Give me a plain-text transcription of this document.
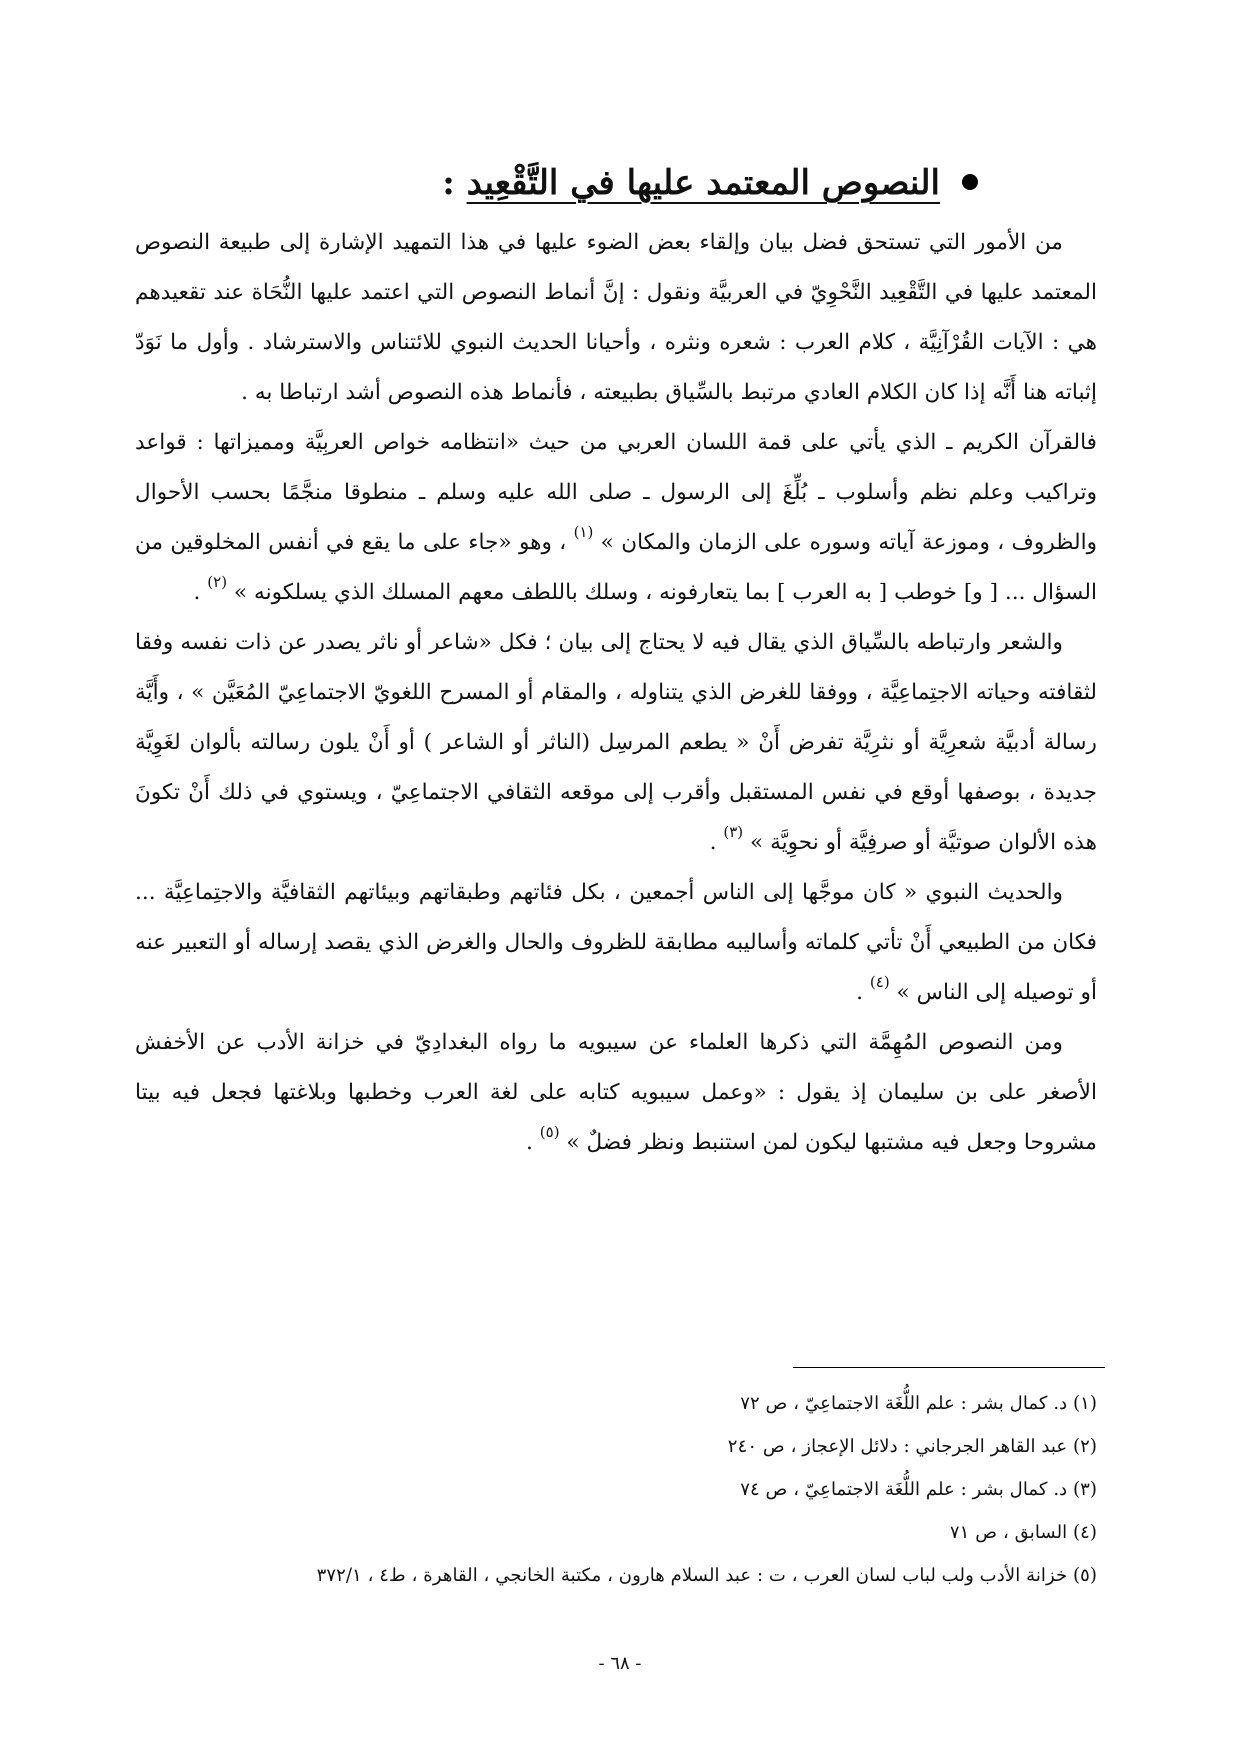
النصوص المعتمد عليها في التَّقْعِيد :

من الأمور التي تستحق فضل بيان وإلقاء بعض الضوء عليها في هذا التمهيد الإشارة إلى طبيعة النصوص المعتمد عليها في التَّقْعِيد النَّحْوِيّ في العربيَّة ونقول : إنَّ أنماط النصوص التي اعتمد عليها النُّحَاة عند تقعيدهم هي : الآيات القُرْآنِيَّة ، كلام العرب : شعره ونثره ، وأحيانا الحديث النبوي للائتناس والاسترشاد . وأول ما نَوَدّ إثباته هنا أَنَّه إذا كان الكلام العادي مرتبط بالسِّياق بطبيعته ، فأنماط هذه النصوص أشد ارتباطا به .

فالقرآن الكريم ـ الذي يأتي على قمة اللسان العربي من حيث «انتظامه خواص العربِيَّة ومميزاتها : قواعد وتراكيب وعلم نظم وأسلوب ـ بُلِّغَ إلى الرسول ـ صلى الله عليه وسلم ـ منطوقا منجَّمًا بحسب الأحوال والظروف ، وموزعة آياته وسوره على الزمان والمكان » $^{(١)}$ ، وهو «جاء على ما يقع في أنفس المخلوقين من السؤال ... [ و] خوطب [ به العرب ] بما يتعارفونه ، وسلك باللطف معهم المسلك الذي يسلكونه » $^{(٢)}$ .

والشعر وارتباطه بالسِّياق الذي يقال فيه لا يحتاج إلى بيان ؛ فكل «شاعر أو ناثر يصدر عن ذات نفسه وفقا لثقافته وحياته الاجتِماعِيَّة ، ووفقا للغرض الذي يتناوله ، والمقام أو المسرح اللغويّ الاجتماعِيّ المُعَيَّن » ، وأَيَّة رسالة أدبيَّة شعرِيَّة أو نثرِيَّة تفرض أَنْ « يطعم المرسِل (الناثر أو الشاعر ) أو أَنْ يلون رسالته بألوان لغَوِيَّة جديدة ، بوصفها أوقع في نفس المستقبل وأقرب إلى موقعه الثقافي الاجتماعِيّ ، ويستوي في ذلك أَنْ تكونَ هذه الألوان صوتيَّة أو صرفِيَّة أو نحوِيَّة » $^{(٣)}$ .

والحديث النبوي « كان موجَّها إلى الناس أجمعين ، بكل فئاتهم وطبقاتهم وبيئاتهم الثقافيَّة والاجتِماعِيَّة ... فكان من الطبيعي أَنْ تأتي كلماته وأساليبه مطابقة للظروف والحال والغرض الذي يقصد إرساله أو التعبير عنه أو توصيله إلى الناس » $^{(٤)}$ .

ومن النصوص المُهِمَّة التي ذكرها العلماء عن سيبويه ما رواه البغدادِيّ في خزانة الأدب عن الأخفش الأصغر على بن سليمان إذ يقول : «وعمل سيبويه كتابه على لغة العرب وخطبها وبلاغتها فجعل فيه بيتا مشروحا وجعل فيه مشتبها ليكون لمن استنبط ونظر فضلٌ » $^{(٥)}$ .

(١) د. كمال بشر : علم اللُّغَة الاجتماعِيّ ، ص ٧٢
(٢) عبد القاهر الجرجاني : دلائل الإعجاز ، ص ٢٤٠
(٣) د. كمال بشر : علم اللُّغَة الاجتماعِيّ ، ص ٧٤
(٤) السابق ، ص ٧١
(٥) خزانة الأدب ولب لباب لسان العرب ، ت : عبد السلام هارون ، مكتبة الخانجي ، القاهرة ، ط٤ ، ٣٧٢/١
- ٦٨ -
